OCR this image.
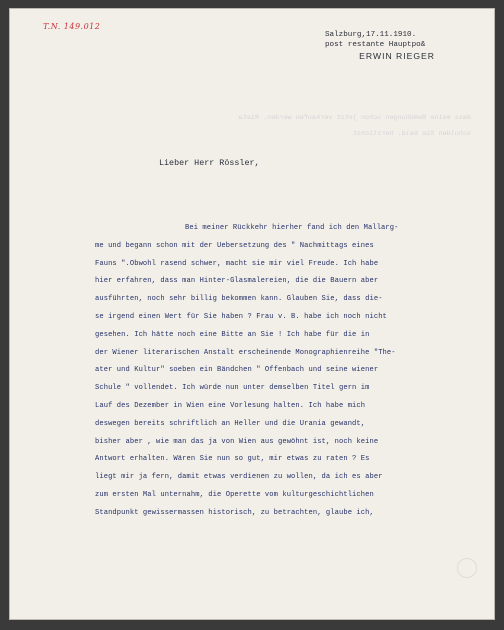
T.N. 149.012
Salzburg,17.11.1910.
post restante Hauptpo&
ERWIN RIEGER
dass meine Bemühungen schon jetzt verkaufen werden. Rieta
schulden Sie bald. herzlichst
Lieber Herr Rössler,
Bei meiner Rückkehr hierher fand ich den Mallarg-
me und begann schon mit der Uebersetzung des " Nachmittags eines
Fauns ".Obwohl rasend schwer, macht sie mir viel Freude. Ich habe
hier erfahren, dass man Hinter-Glasmalereien, die die Bauern aber
ausführten, noch sehr billig bekommen kann. Glauben Sie, dass die-
se irgend einen Wert für Sie haben ? Frau v. B. habe ich noch nicht
gesehen. Ich hätte noch eine Bitte an Sie ! Ich habe für die in
der Wiener literarischen Anstalt erscheinende Monographienreihe "The-
ater und Kultur" soeben ein Bändchen " Offenbach und seine wiener
Schule " vollendet. Ich würde nun unter demselben Titel gern im
Lauf des Dezember in Wien eine Vorlesung halten. Ich habe mich
deswegen bereits schriftlich an Heller und die Urania gewandt,
bisher aber , wie man das ja von Wien aus gewöhnt ist, noch keine
Antwort erhalten. Wären Sie nun so gut, mir etwas zu raten ? Es
liegt mir ja fern, damit etwas verdienen zu wollen, da ich es aber
zum ersten Mal unternahm, die Operette vom kulturgeschichtlichen
Standpunkt gewissermassen historisch, zu betrachten, glaube ich,
